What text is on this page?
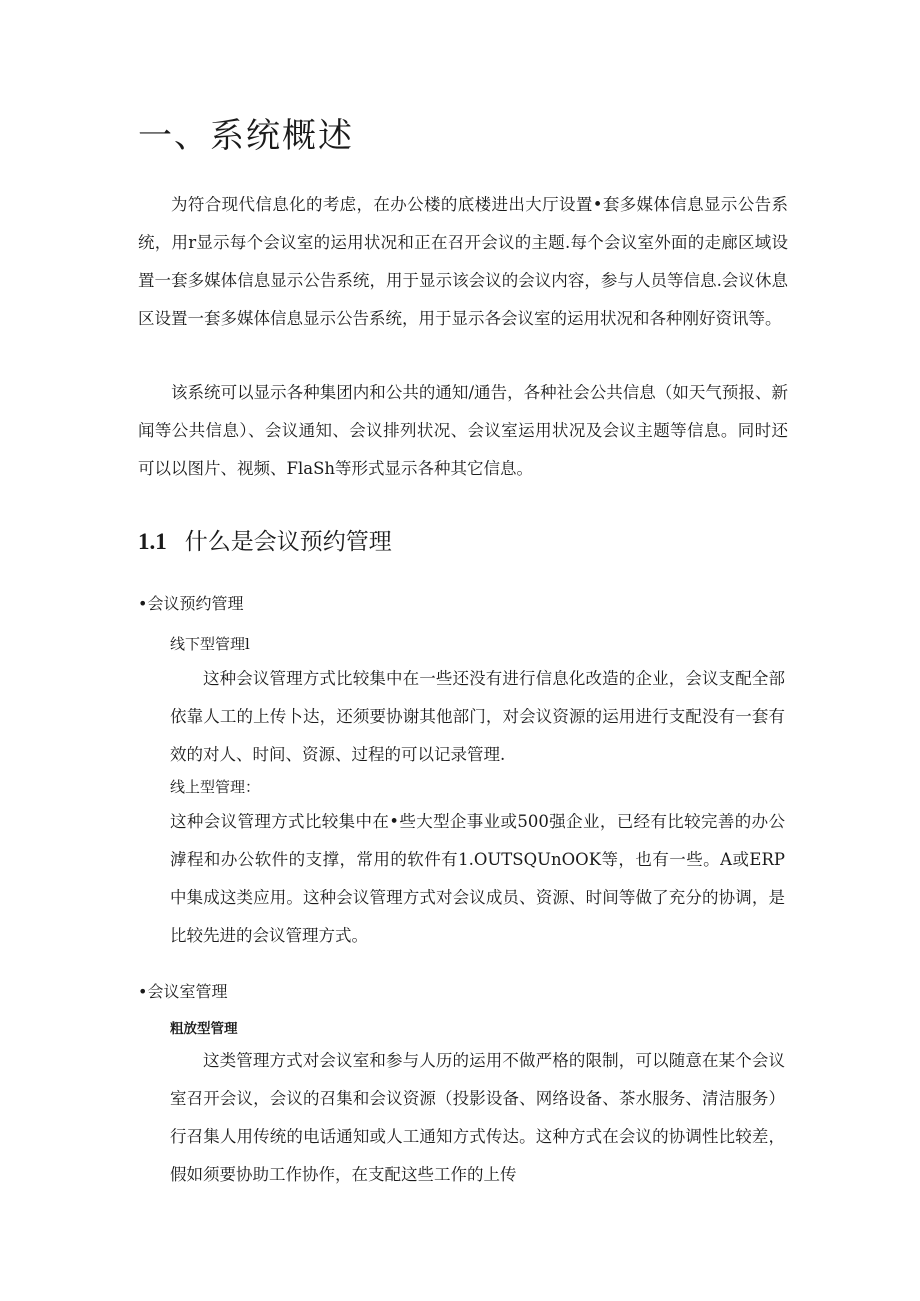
一、系统概述

为符合现代信息化的考虑，在办公楼的底楼进出大厅设置•套多媒体信息显示公告系统，用r显示每个会议室的运用状况和正在召开会议的主题.每个会议室外面的走廊区域设置一套多媒体信息显示公告系统，用于显示该会议的会议内容，参与人员等信息.会议休息区设置一套多媒体信息显示公告系统，用于显示各会议室的运用状况和各种刚好资讯等。

该系统可以显示各种集团内和公共的通知/通告，各种社会公共信息（如天气预报、新闻等公共信息）、会议通知、会议排列状况、会议室运用状况及会议主题等信息。同时还可以以图片、视频、FlaSh等形式显示各种其它信息。

1.1 什么是会议预约管理
•会议预约管理
线下型管理l

这种会议管理方式比较集中在一些还没有进行信息化改造的企业，会议支配全部依靠人工的上传卜达，还须要协谢其他部门，对会议资源的运用进行支配没有一套有效的对人、时间、资源、过程的可以记录管理.

线上型管理：

这种会议管理方式比较集中在•些大型企事业或500强企业，已经有比较完善的办公滹程和办公软件的支撑，常用的软件有1.OUTSQUnOOK等，也有一些。A或ERP中集成这类应用。这种会议管理方式对会议成员、资源、时间等做了充分的协调，是比较先进的会议管理方式。

•会议室管理
粗放型管理

这类管理方式对会议室和参与人历的运用不做严格的限制，可以随意在某个会议室召开会议，会议的召集和会议资源（投影设备、网络设备、茶水服务、清洁服务）行召集人用传统的电话通知或人工通知方式传达。这种方式在会议的协调性比较差，假如须要协助工作协作，在支配这些工作的上传
